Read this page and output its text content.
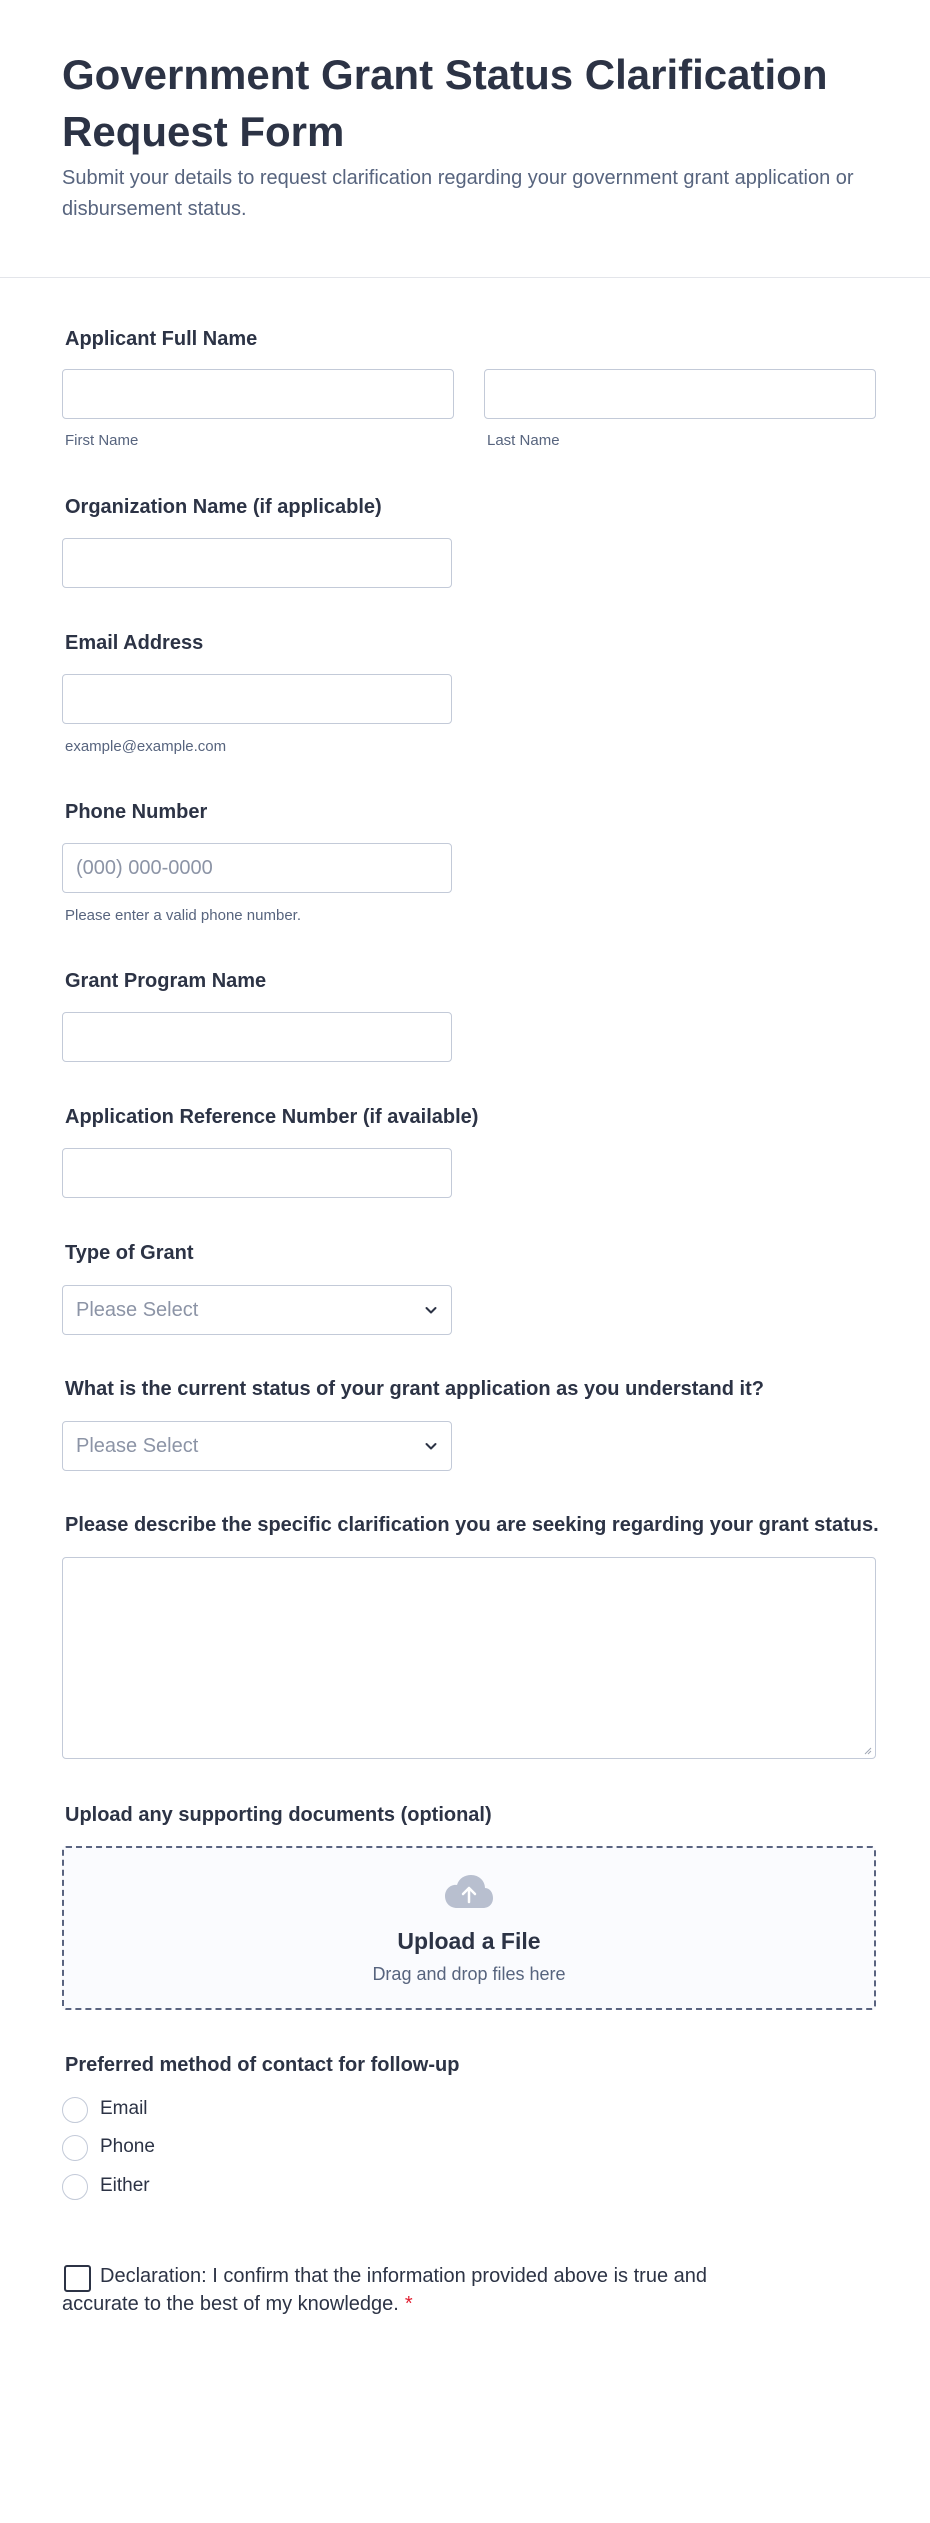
Government Grant Status Clarification Request Form
Submit your details to request clarification regarding your government grant application or disbursement status.
Applicant Full Name
First Name	Last Name
Organization Name (if applicable)
Email Address
example@example.com
Phone Number
(000) 000-0000
Please enter a valid phone number.
Grant Program Name
Application Reference Number (if available)
Type of Grant
Please Select
What is the current status of your grant application as you understand it?
Please Select
Please describe the specific clarification you are seeking regarding your grant status.
Upload any supporting documents (optional)
Upload a File
Drag and drop files here
Preferred method of contact for follow-up
Email
Phone
Either
Declaration: I confirm that the information provided above is true and accurate to the best of my knowledge. *
